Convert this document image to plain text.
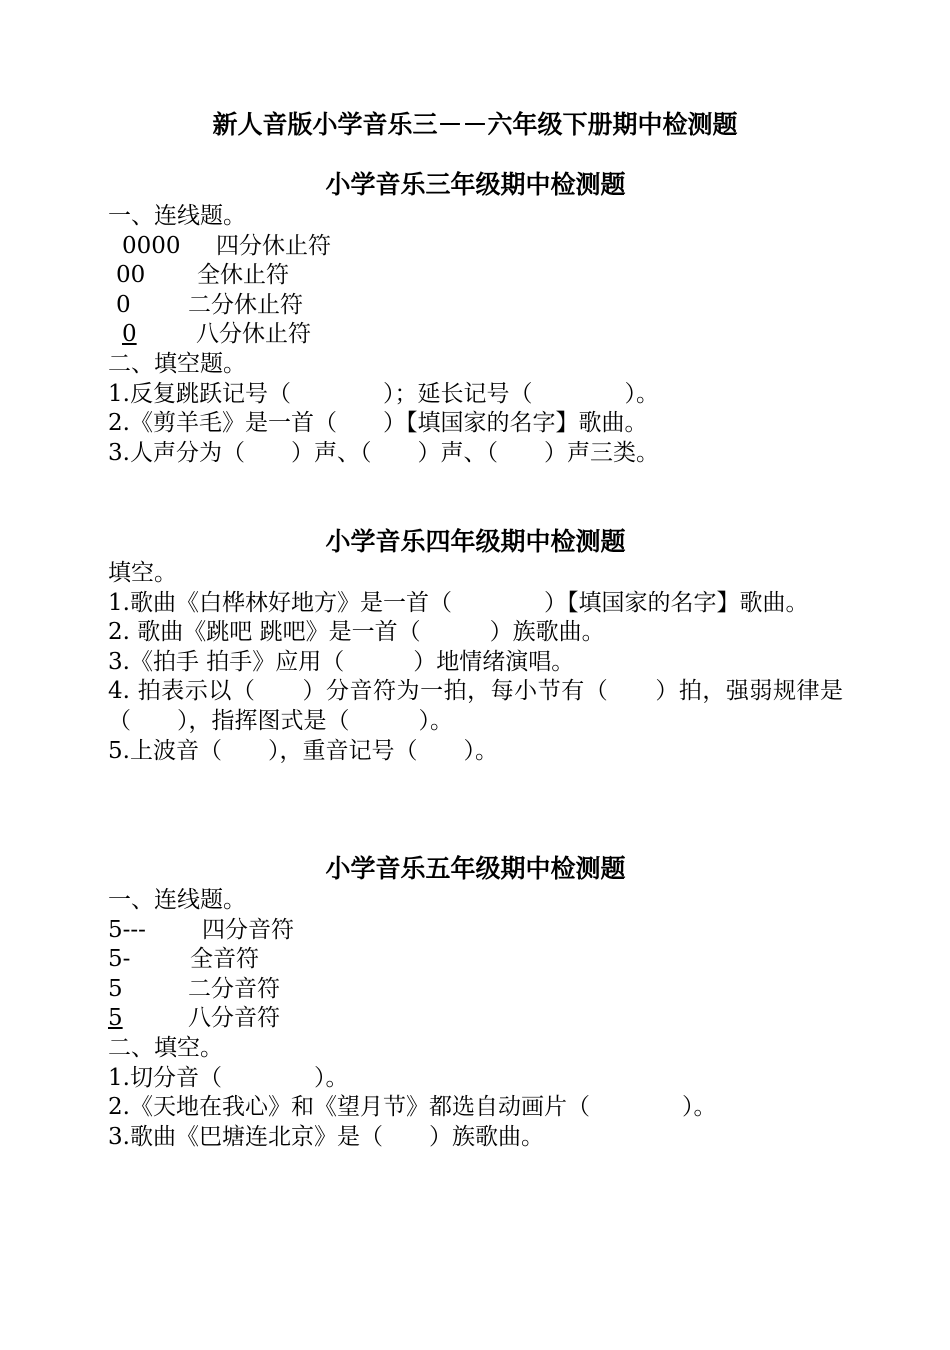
新人音版小学音乐三－－六年级下册期中检测题
小学音乐三年级期中检测题
一、连线题。
0000 四分休止符
00 全休止符
0 二分休止符
0	八分休止符
二、填空题。
1.反复跳跃记号（　　　　）；延长记号（　　　　）。
2.《剪羊毛》是一首（　　）【填国家的名字】歌曲。
3.人声分为（　　）声、（　　）声、（　　）声三类。
小学音乐四年级期中检测题
填空。
1.歌曲《白桦林好地方》是一首（　　　　）【填国家的名字】歌曲。
2. 歌曲《跳吧 跳吧》是一首（　　　）族歌曲。
3.《拍手 拍手》应用（　　　）地情绪演唱。
4. 拍表示以（　　）分音符为一拍，每小节有（　　）拍，强弱规律是（　　），指挥图式是（　　　）。
5.上波音（　　），重音记号（　　）。
小学音乐五年级期中检测题
一、连线题。
5--- 四分音符
5-	全音符
5	二分音符
5	八分音符
二、填空。
1.切分音（　　　　）。
2.《天地在我心》和《望月节》都选自动画片（　　　　）。
3.歌曲《巴塘连北京》是（　　）族歌曲。
